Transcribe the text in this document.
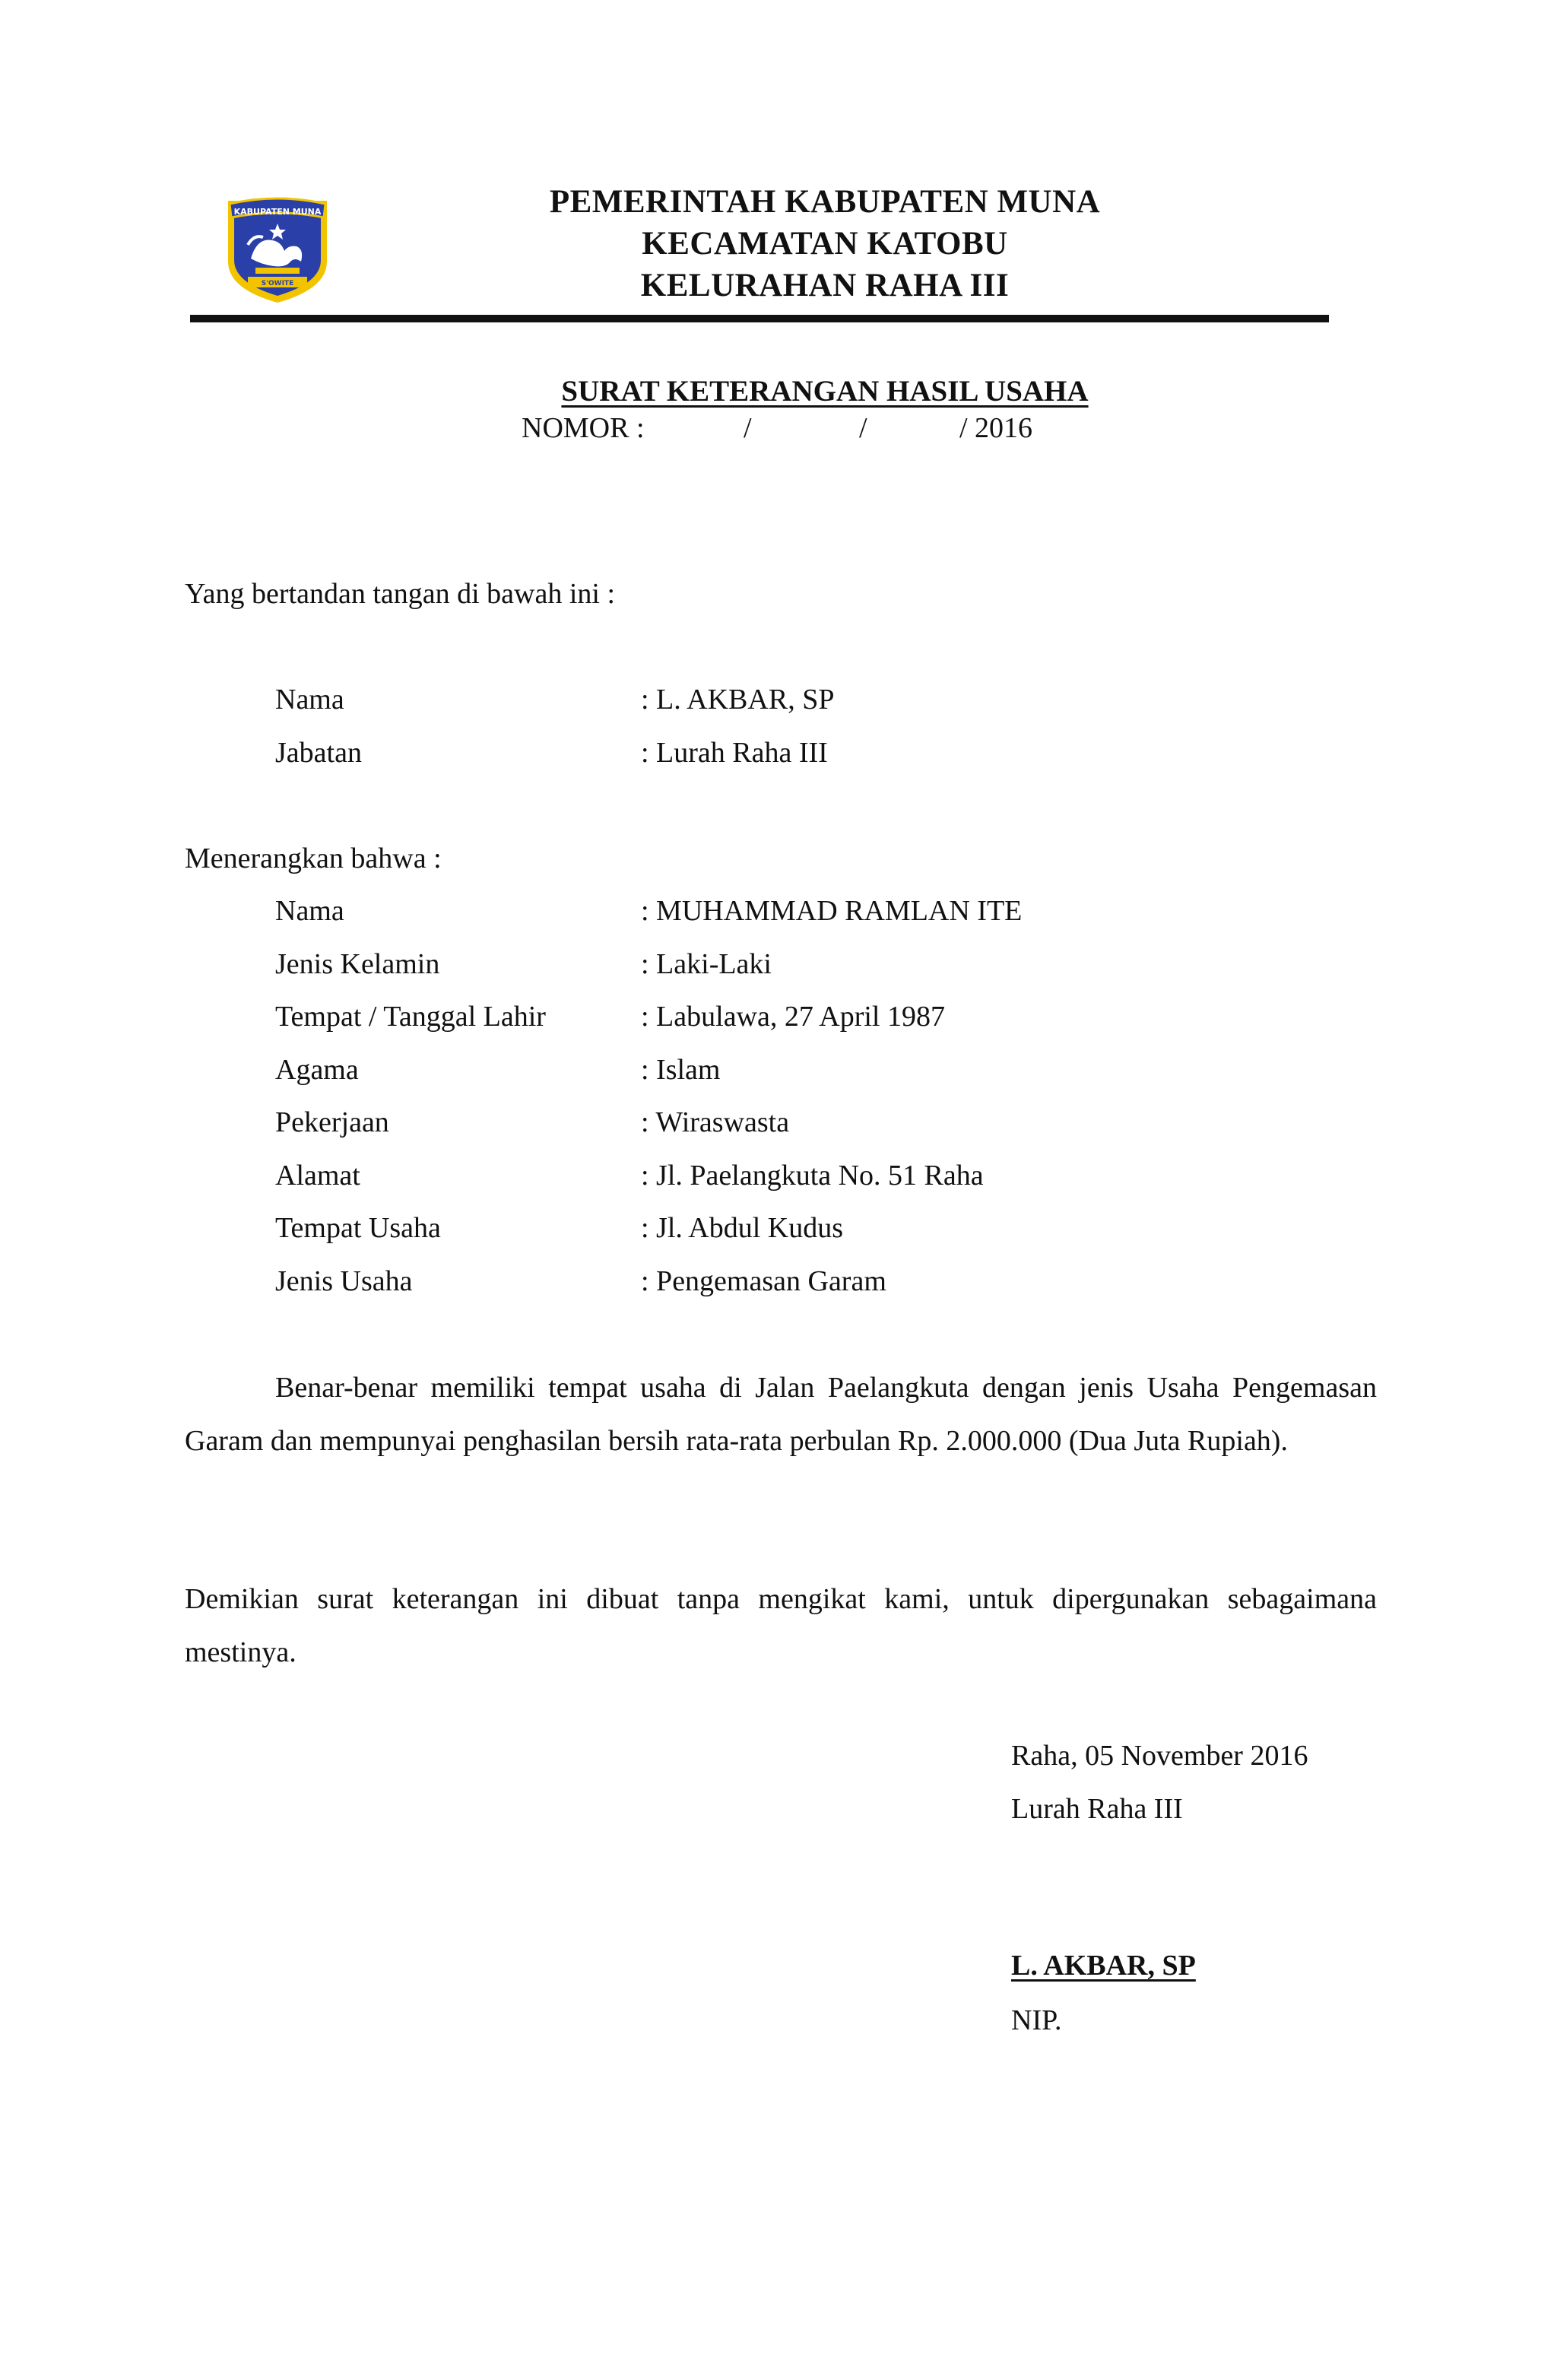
KABUPATEN MUNA
S'OWITE
PEMERINTAH KABUPATEN MUNA
KECAMATAN KATOBU
KELURAHAN RAHA III
SURAT KETERANGAN HASIL USAHA
NOMOR :	/	/	/ 2016
Yang bertandan tangan di bawah ini :
Nama	: L. AKBAR, SP
Jabatan	: Lurah Raha III
Menerangkan bahwa :
Nama	: MUHAMMAD RAMLAN ITE
Jenis Kelamin	: Laki-Laki
Tempat / Tanggal Lahir	: Labulawa, 27 April 1987
Agama	: Islam
Pekerjaan	: Wiraswasta
Alamat	: Jl. Paelangkuta No. 51 Raha
Tempat Usaha	: Jl. Abdul Kudus
Jenis Usaha	: Pengemasan Garam
Benar-benar memiliki tempat usaha di Jalan Paelangkuta dengan jenis Usaha Pengemasan Garam dan mempunyai penghasilan bersih rata-rata perbulan Rp. 2.000.000 (Dua Juta Rupiah).
Demikian surat keterangan ini dibuat tanpa mengikat kami, untuk dipergunakan sebagaimana mestinya.
Raha, 05 November 2016
Lurah Raha III
L. AKBAR, SP
NIP.
